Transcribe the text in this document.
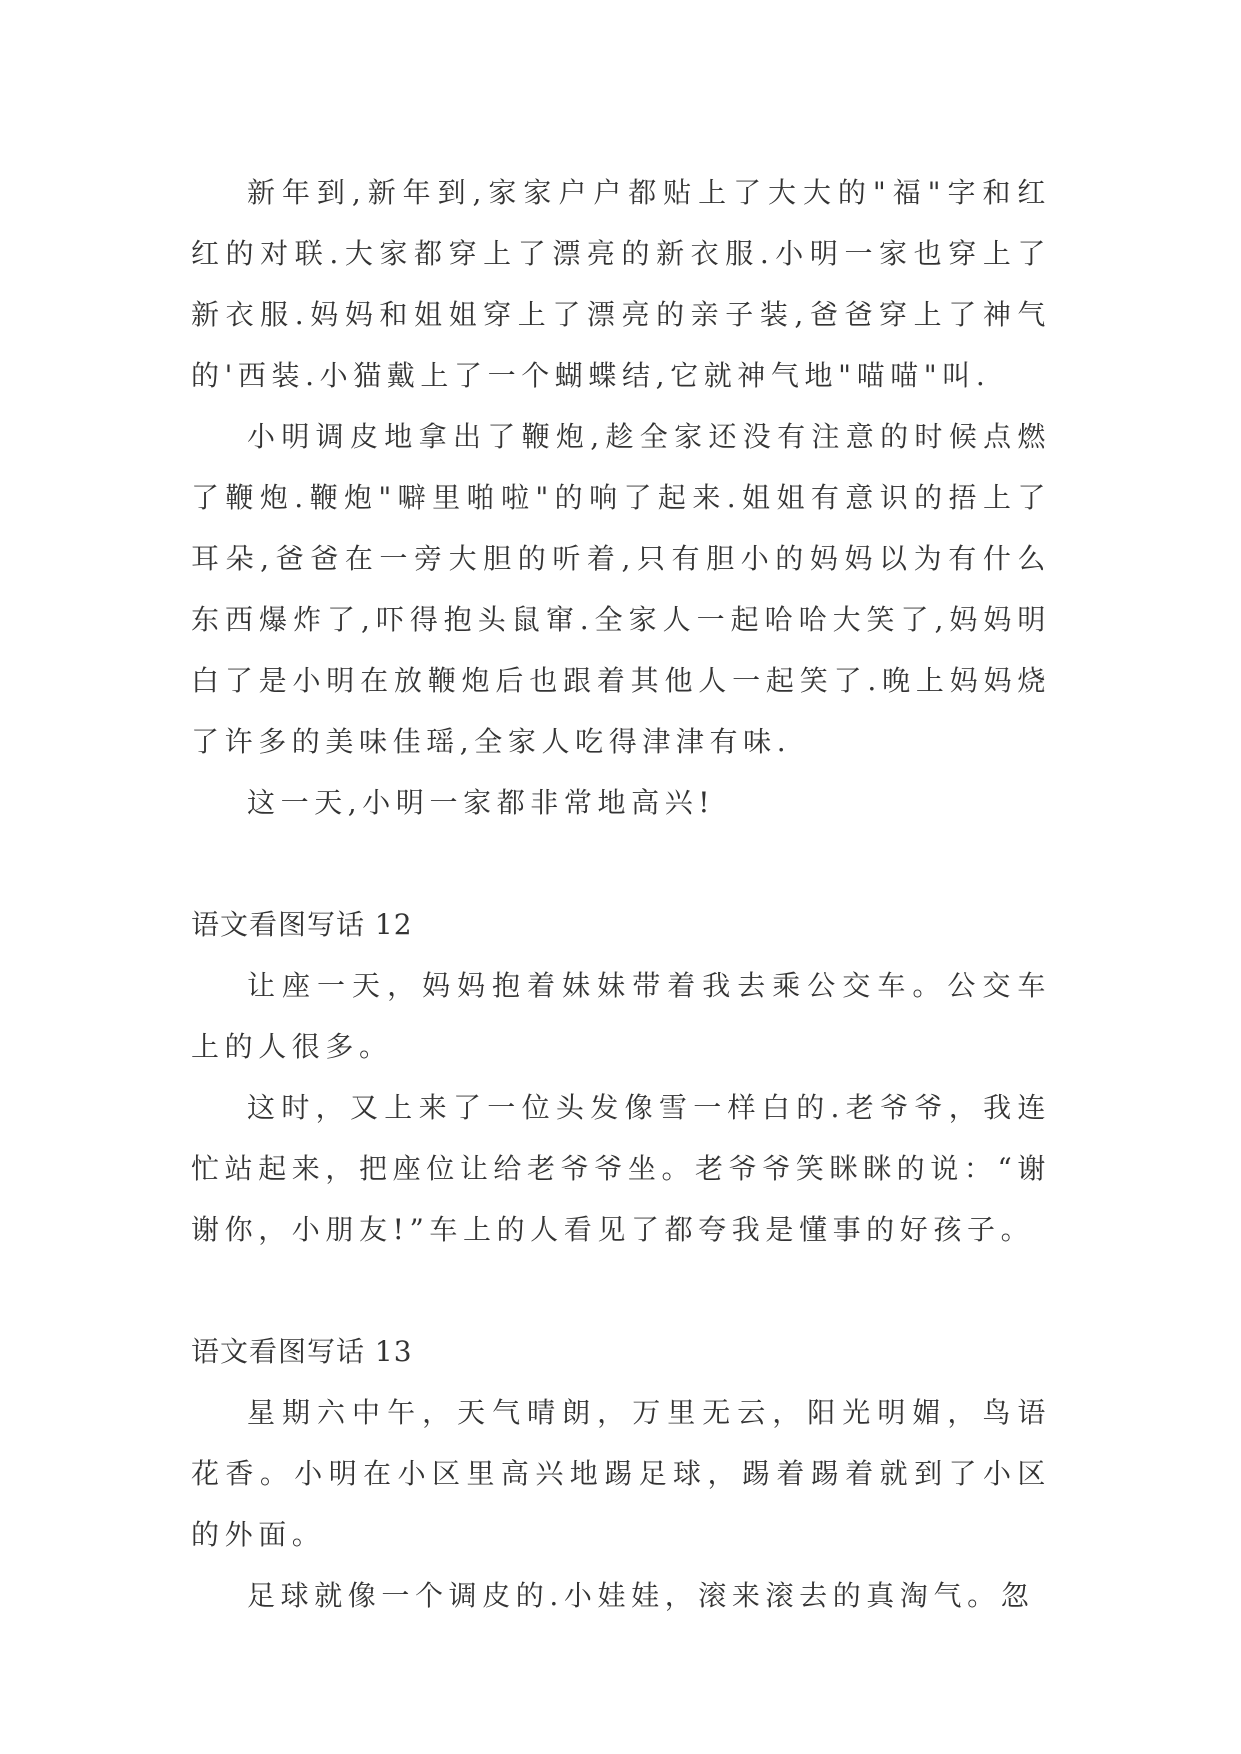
新年到,新年到,家家户户都贴上了大大的"福"字和红红的对联.大家都穿上了漂亮的新衣服.小明一家也穿上了新衣服.妈妈和姐姐穿上了漂亮的亲子装,爸爸穿上了神气的'西装.小猫戴上了一个蝴蝶结,它就神气地"喵喵"叫.

小明调皮地拿出了鞭炮,趁全家还没有注意的时候点燃了鞭炮.鞭炮"噼里啪啦"的响了起来.姐姐有意识的捂上了耳朵,爸爸在一旁大胆的听着,只有胆小的妈妈以为有什么东西爆炸了,吓得抱头鼠窜.全家人一起哈哈大笑了,妈妈明白了是小明在放鞭炮后也跟着其他人一起笑了.晚上妈妈烧了许多的美味佳瑶,全家人吃得津津有味.

这一天,小明一家都非常地高兴!

语文看图写话 12

让座一天，妈妈抱着妹妹带着我去乘公交车。公交车上的人很多。

这时，又上来了一位头发像雪一样白的.老爷爷，我连忙站起来，把座位让给老爷爷坐。老爷爷笑眯眯的说：“谢谢你，小朋友!”车上的人看见了都夸我是懂事的好孩子。

语文看图写话 13

星期六中午，天气晴朗，万里无云，阳光明媚，鸟语花香。小明在小区里高兴地踢足球，踢着踢着就到了小区的外面。

足球就像一个调皮的.小娃娃，滚来滚去的真淘气。忽
